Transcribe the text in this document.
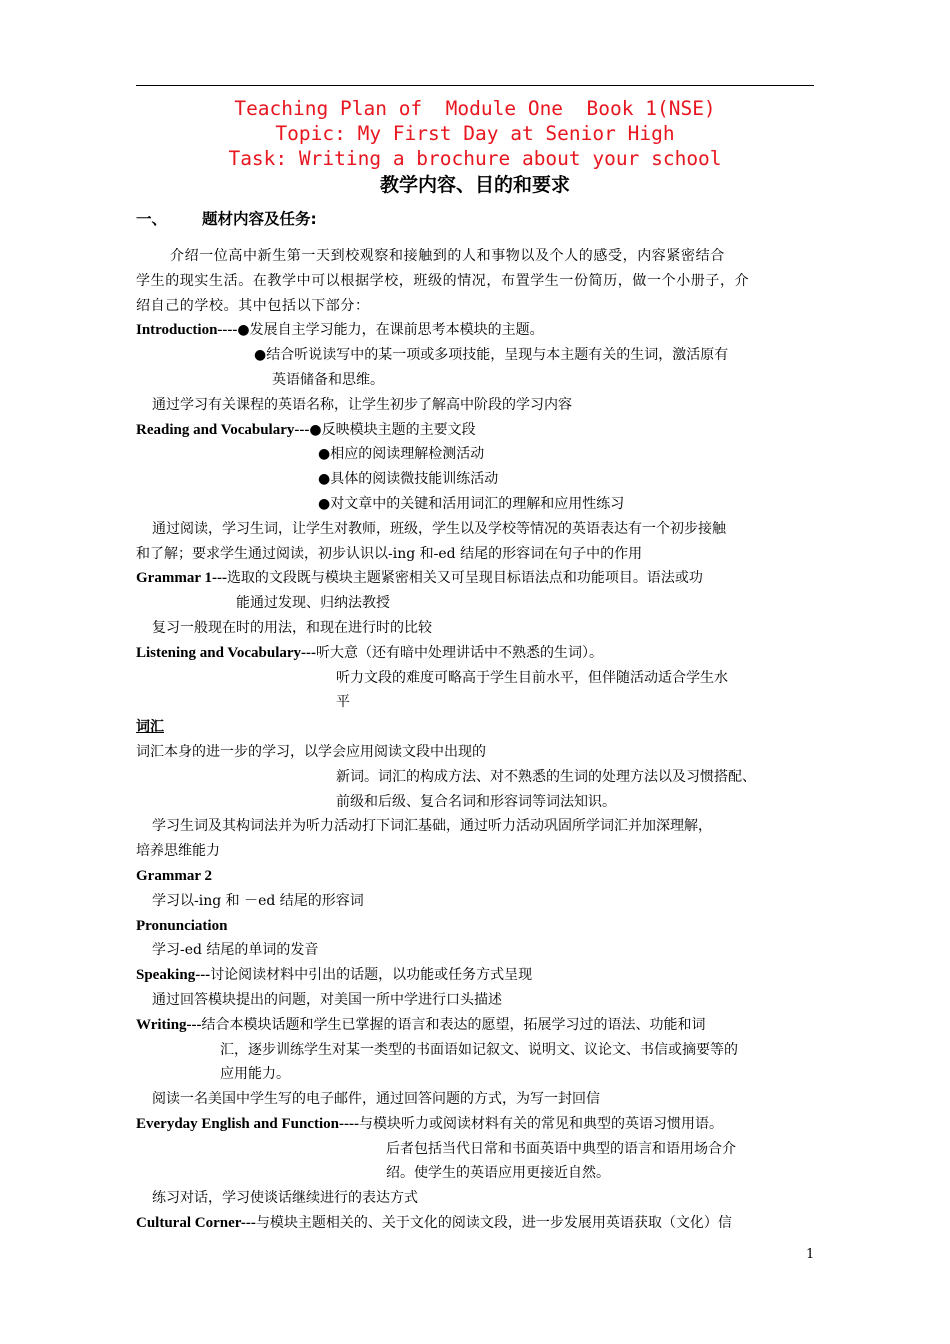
Teaching Plan of  Module One  Book 1(NSE)
Topic: My First Day at Senior High
Task: Writing a brochure about your school
教学内容、目的和要求
一、 题材内容及任务:
介绍一位高中新生第一天到校观察和接触到的人和事物以及个人的感受，内容紧密结合
学生的现实生活。在教学中可以根据学校，班级的情况，布置学生一份简历，做一个小册子，介
绍自己的学校。其中包括以下部分：
Introduction----●发展自主学习能力，在课前思考本模块的主题。
●结合听说读写中的某一项或多项技能，呈现与本主题有关的生词，激活原有
英语储备和思维。
通过学习有关课程的英语名称，让学生初步了解高中阶段的学习内容
Reading and Vocabulary---●反映模块主题的主要文段
●相应的阅读理解检测活动
●具体的阅读微技能训练活动
●对文章中的关键和活用词汇的理解和应用性练习
通过阅读，学习生词，让学生对教师，班级，学生以及学校等情况的英语表达有一个初步接触
和了解；要求学生通过阅读，初步认识以-ing 和-ed 结尾的形容词在句子中的作用
Grammar 1---选取的文段既与模块主题紧密相关又可呈现目标语法点和功能项目。语法或功
能通过发现、归纳法教授
复习一般现在时的用法，和现在进行时的比较
Listening and Vocabulary---听大意（还有暗中处理讲话中不熟悉的生词）。
听力文段的难度可略高于学生目前水平，但伴随活动适合学生水
平
词汇
词汇本身的进一步的学习，以学会应用阅读文段中出现的
新词。词汇的构成方法、对不熟悉的生词的处理方法以及习惯搭配、
前级和后级、复合名词和形容词等词法知识。
学习生词及其构词法并为听力活动打下词汇基础，通过听力活动巩固所学词汇并加深理解，
培养思维能力
Grammar 2
学习以-ing 和 －ed 结尾的形容词
Pronunciation
学习-ed 结尾的单词的发音
Speaking---讨论阅读材料中引出的话题，以功能或任务方式呈现
通过回答模块提出的问题，对美国一所中学进行口头描述
Writing---结合本模块话题和学生已掌握的语言和表达的愿望，拓展学习过的语法、功能和词
汇，逐步训练学生对某一类型的书面语如记叙文、说明文、议论文、书信或摘要等的
应用能力。
阅读一名美国中学生写的电子邮件，通过回答问题的方式，为写一封回信
Everyday English and Function----与模块听力或阅读材料有关的常见和典型的英语习惯用语。
后者包括当代日常和书面英语中典型的语言和语用场合介
绍。使学生的英语应用更接近自然。
练习对话，学习使谈话继续进行的表达方式
Cultural Corner---与模块主题相关的、关于文化的阅读文段，进一步发展用英语获取（文化）信
1
